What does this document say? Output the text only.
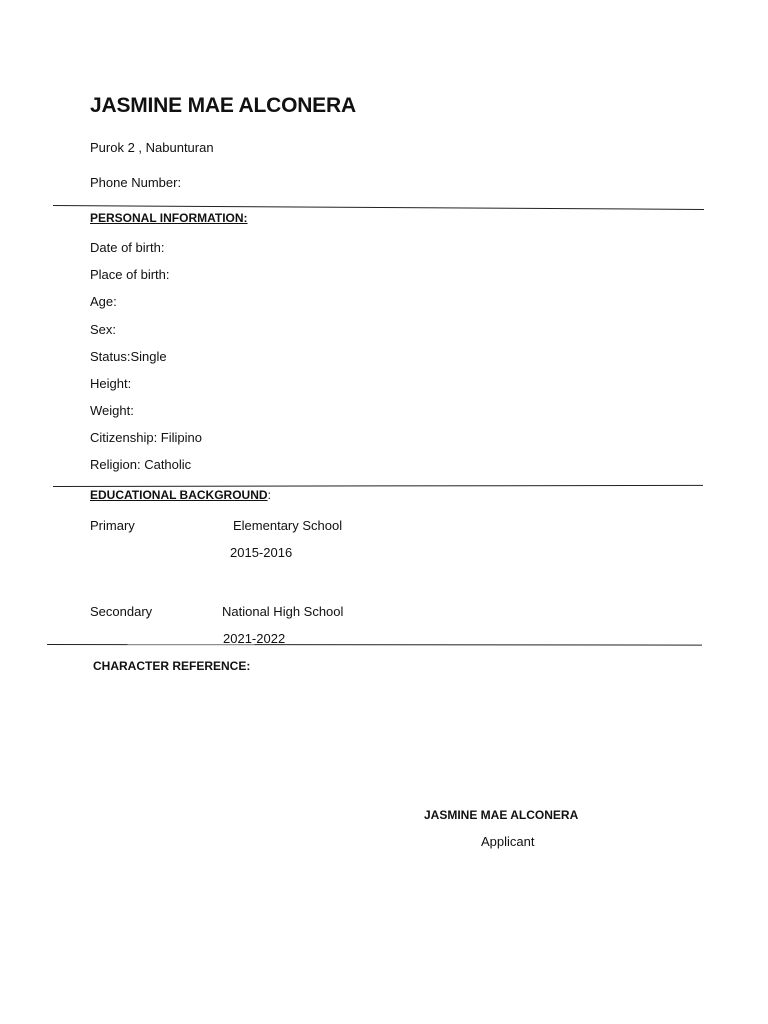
JASMINE MAE ALCONERA
Purok 2 , Nabunturan
Phone Number:
PERSONAL INFORMATION:
Date of birth:
Place of birth:
Age:
Sex:
Status:Single
Height:
Weight:
Citizenship: Filipino
Religion: Catholic
EDUCATIONAL BACKGROUND:
Primary	Elementary School
2015-2016
Secondary	National High School
2021-2022
CHARACTER REFERENCE:
JASMINE MAE ALCONERA
Applicant
